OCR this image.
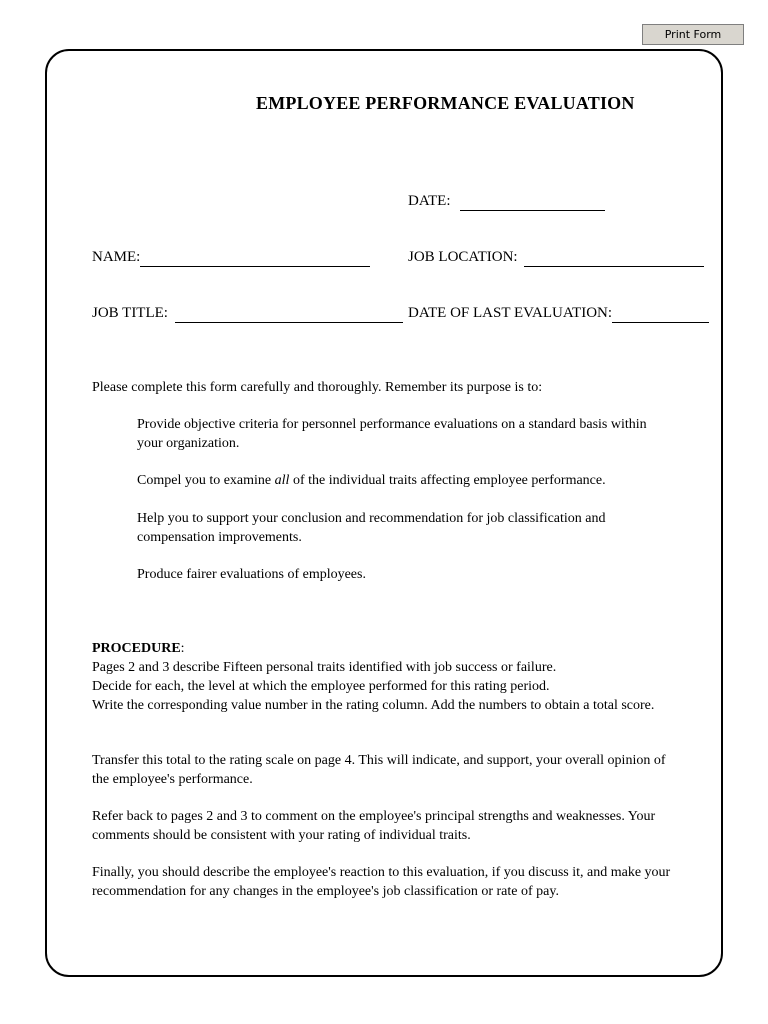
Print Form
EMPLOYEE PERFORMANCE EVALUATION
DATE:
NAME:	JOB LOCATION:
JOB TITLE:	DATE OF LAST EVALUATION:
Please complete this form carefully and thoroughly. Remember its purpose is to:
Provide objective criteria for personnel performance evaluations on a standard basis within your organization.
Compel you to examine all of the individual traits affecting employee performance.
Help you to support your conclusion and recommendation for job classification and compensation improvements.
Produce fairer evaluations of employees.
PROCEDURE:
Pages 2 and 3 describe Fifteen personal traits identified with job success or failure.
Decide for each, the level at which the employee performed for this rating period.
Write the corresponding value number in the rating column. Add the numbers to obtain a total score.
Transfer this total to the rating scale on page 4. This will indicate, and support, your overall opinion of the employee's performance.
Refer back to pages 2 and 3 to comment on the employee's principal strengths and weaknesses. Your comments should be consistent with your rating of individual traits.
Finally, you should describe the employee's reaction to this evaluation, if you discuss it, and make your recommendation for any changes in the employee's job classification or rate of pay.
